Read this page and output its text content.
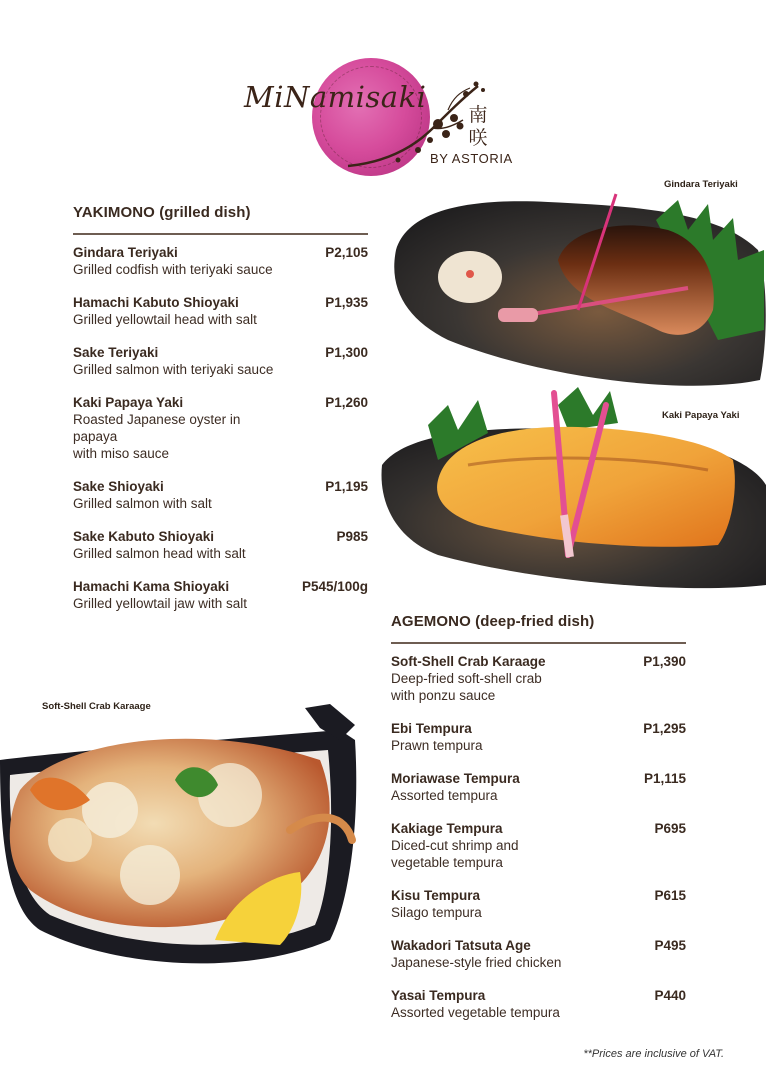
MiNamisaki
南
咲
BY ASTORIA
YAKIMONO (grilled dish)
Gindara Teriyaki
Grilled codfish with teriyaki sauce
P2,105
Hamachi Kabuto Shioyaki
Grilled yellowtail head with salt
P1,935
Sake Teriyaki
Grilled salmon with teriyaki sauce
P1,300
Kaki Papaya Yaki
Roasted Japanese oyster in papaya
with miso sauce
P1,260
Sake Shioyaki
Grilled salmon with salt
P1,195
Sake Kabuto Shioyaki
Grilled salmon head with salt
P985
Hamachi Kama Shioyaki
Grilled yellowtail jaw with salt
P545/100g
Gindara Teriyaki
Kaki Papaya Yaki
AGEMONO (deep-fried dish)
Soft-Shell Crab Karaage
Deep-fried soft-shell crab
with ponzu sauce
P1,390
Ebi Tempura
Prawn tempura
P1,295
Moriawase Tempura
Assorted tempura
P1,115
Kakiage Tempura
Diced-cut shrimp and
vegetable tempura
P695
Kisu Tempura
Silago tempura
P615
Wakadori Tatsuta Age
Japanese-style fried chicken
P495
Yasai Tempura
Assorted vegetable tempura
P440
Soft-Shell Crab Karaage
**Prices are inclusive of VAT.
